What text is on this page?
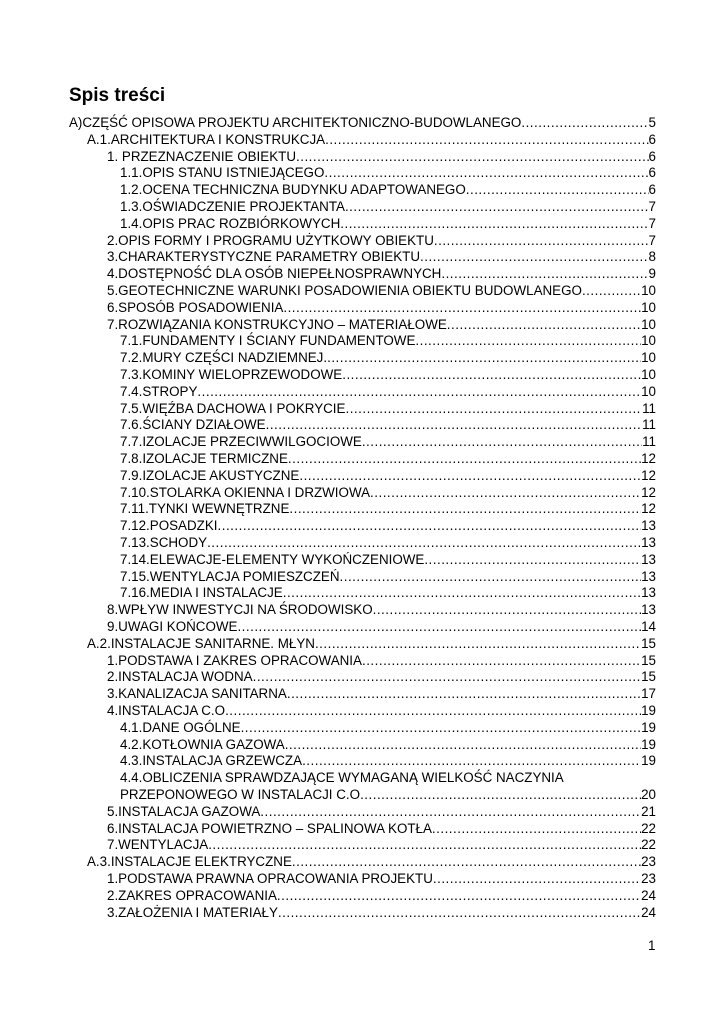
Spis treści
A)CZĘŚĆ OPISOWA PROJEKTU ARCHITEKTONICZNO-BUDOWLANEGO .....	5
A.1.ARCHITEKTURA I KONSTRUKCJA .....	6
1. PRZEZNACZENIE OBIEKTU .....	6
1.1.OPIS STANU ISTNIEJĄCEGO .....	6
1.2.OCENA TECHNICZNA BUDYNKU ADAPTOWANEGO .....	6
1.3.OŚWIADCZENIE PROJEKTANTA .....	7
1.4.OPIS PRAC ROZBIÓRKOWYCH .....	7
2.OPIS FORMY I PROGRAMU UŻYTKOWY OBIEKTU .....	7
3.CHARAKTERYSTYCZNE PARAMETRY OBIEKTU .....	8
4.DOSTĘPNOŚĆ DLA OSÓB NIEPEŁNOSPRAWNYCH .....	9
5.GEOTECHNICZNE WARUNKI POSADOWIENIA OBIEKTU BUDOWLANEGO .....	10
6.SPOSÓB POSADOWIENIA .....	10
7.ROZWIĄZANIA KONSTRUKCYJNO – MATERIAŁOWE .....	10
7.1.FUNDAMENTY I ŚCIANY FUNDAMENTOWE .....	10
7.2.MURY CZĘŚCI NADZIEMNEJ. .....	10
7.3.KOMINY WIELOPRZEWODOWE .....	10
7.4.STROPY .....	10
7.5.WIĘŹBA DACHOWA I POKRYCIE .....	11
7.6.ŚCIANY DZIAŁOWE .....	11
7.7.IZOLACJE PRZECIWWILGOCIOWE .....	11
7.8.IZOLACJE TERMICZNE .....	12
7.9.IZOLACJE AKUSTYCZNE .....	12
7.10.STOLARKA OKIENNA I DRZWIOWA .....	12
7.11.TYNKI WEWNĘTRZNE .....	12
7.12.POSADZKI .....	13
7.13.SCHODY .....	13
7.14.ELEWACJE-ELEMENTY WYKOŃCZENIOWE .....	13
7.15.WENTYLACJA POMIESZCZEŃ .....	13
7.16.MEDIA I INSTALACJE .....	13
8.WPŁYW INWESTYCJI NA ŚRODOWISKO .....	13
9.UWAGI KOŃCOWE .....	14
A.2.INSTALACJE SANITARNE. MŁYN .....	15
1.PODSTAWA I ZAKRES OPRACOWANIA .....	15
2.INSTALACJA WODNA .....	15
3.KANALIZACJA SANITARNA .....	17
4.INSTALACJA C.O .....	19
4.1.DANE OGÓLNE .....	19
4.2.KOTŁOWNIA GAZOWA .....	19
4.3.INSTALACJA GRZEWCZA .....	19
4.4.OBLICZENIA SPRAWDZAJĄCE WYMAGANĄ WIELKOŚĆ NACZYNIA
PRZEPONOWEGO W INSTALACJI C.O .....	20
5.INSTALACJA GAZOWA .....	21
6.INSTALACJA POWIETRZNO – SPALINOWA KOTŁA .....	22
7.WENTYLACJA .....	22
A.3.INSTALACJE ELEKTRYCZNE .....	23
1.PODSTAWA PRAWNA OPRACOWANIA PROJEKTU .....	23
2.ZAKRES OPRACOWANIA .....	24
3.ZAŁOŻENIA I MATERIAŁY .....	24
1
